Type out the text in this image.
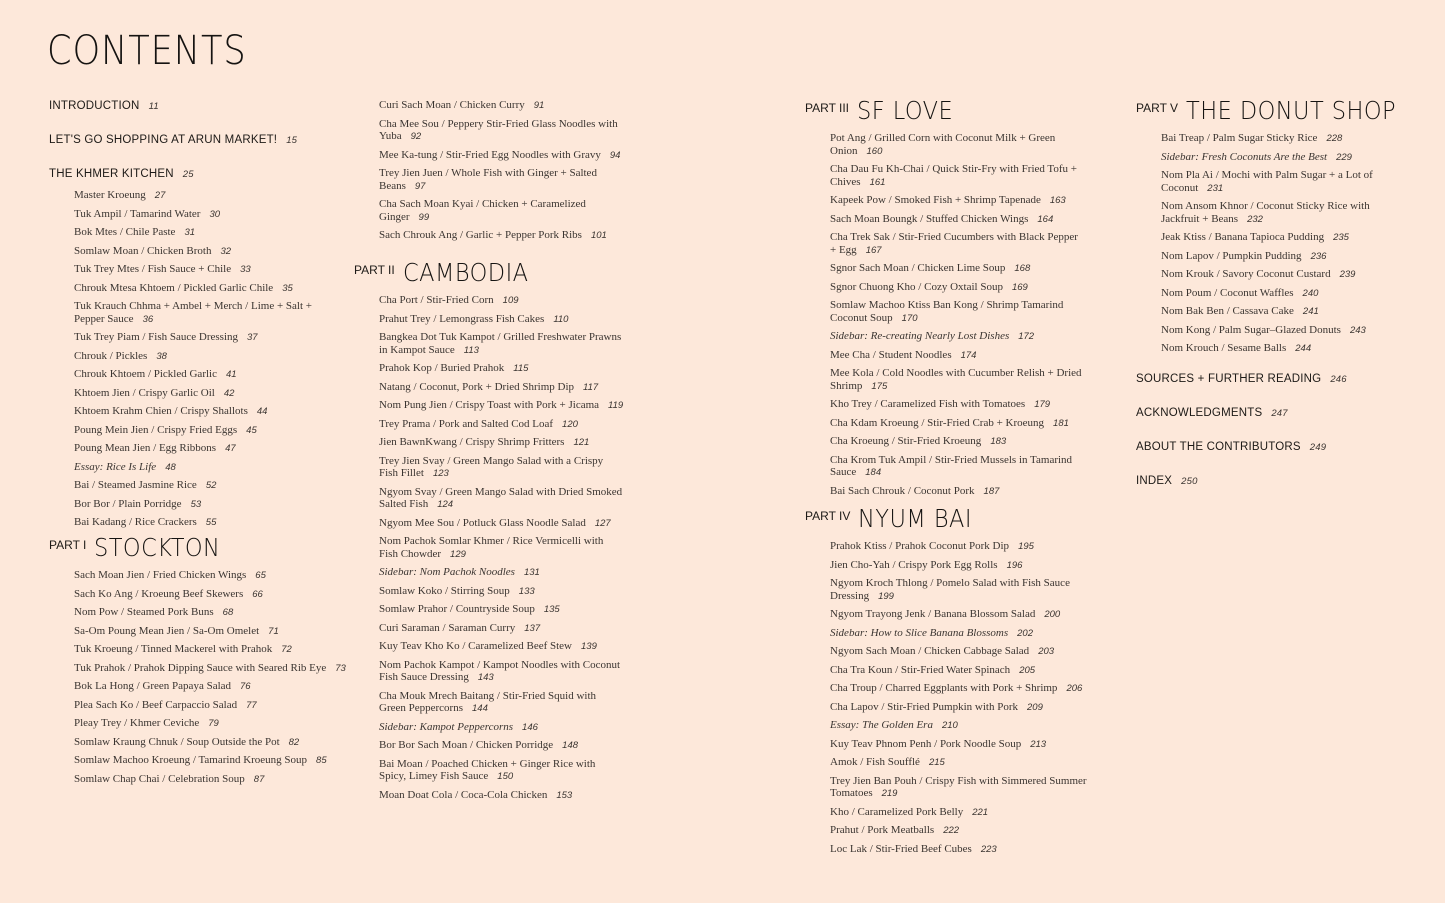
CONTENTS
INTRODUCTION 11
LET'S GO SHOPPING AT ARUN MARKET! 15
THE KHMER KITCHEN 25
Master Kroeung 27
Tuk Ampil / Tamarind Water 30
Bok Mtes / Chile Paste 31
Somlaw Moan / Chicken Broth 32
Tuk Trey Mtes / Fish Sauce + Chile 33
Chrouk Mtesa Khtoem / Pickled Garlic Chile 35
Tuk Krauch Chhma + Ambel + Merch / Lime + Salt + Pepper Sauce 36
Tuk Trey Piam / Fish Sauce Dressing 37
Chrouk / Pickles 38
Chrouk Khtoem / Pickled Garlic 41
Khtoem Jien / Crispy Garlic Oil 42
Khtoem Krahm Chien / Crispy Shallots 44
Poung Mein Jien / Crispy Fried Eggs 45
Poung Mean Jien / Egg Ribbons 47
Essay: Rice Is Life 48
Bai / Steamed Jasmine Rice 52
Bor Bor / Plain Porridge 53
Bai Kadang / Rice Crackers 55
PART I STOCKTON
Sach Moan Jien / Fried Chicken Wings 65
Sach Ko Ang / Kroeung Beef Skewers 66
Nom Pow / Steamed Pork Buns 68
Sa-Om Poung Mean Jien / Sa-Om Omelet 71
Tuk Kroeung / Tinned Mackerel with Prahok 72
Tuk Prahok / Prahok Dipping Sauce with Seared Rib Eye 73
Bok La Hong / Green Papaya Salad 76
Plea Sach Ko / Beef Carpaccio Salad 77
Pleay Trey / Khmer Ceviche 79
Somlaw Kraung Chnuk / Soup Outside the Pot 82
Somlaw Machoo Kroeung / Tamarind Kroeung Soup 85
Somlaw Chap Chai / Celebration Soup 87
Curi Sach Moan / Chicken Curry 91
Cha Mee Sou / Peppery Stir-Fried Glass Noodles with Yuba 92
Mee Ka-tung / Stir-Fried Egg Noodles with Gravy 94
Trey Jien Juen / Whole Fish with Ginger + Salted Beans 97
Cha Sach Moan Kyai / Chicken + Caramelized Ginger 99
Sach Chrouk Ang / Garlic + Pepper Pork Ribs 101
PART II CAMBODIA
Cha Port / Stir-Fried Corn 109
Prahut Trey / Lemongrass Fish Cakes 110
Bangkea Dot Tuk Kampot / Grilled Freshwater Prawns in Kampot Sauce 113
Prahok Kop / Buried Prahok 115
Natang / Coconut, Pork + Dried Shrimp Dip 117
Nom Pung Jien / Crispy Toast with Pork + Jicama 119
Trey Prama / Pork and Salted Cod Loaf 120
Jien BawnKwang / Crispy Shrimp Fritters 121
Trey Jien Svay / Green Mango Salad with a Crispy Fish Fillet 123
Ngyom Svay / Green Mango Salad with Dried Smoked Salted Fish 124
Ngyom Mee Sou / Potluck Glass Noodle Salad 127
Nom Pachok Somlar Khmer / Rice Vermicelli with Fish Chowder 129
Sidebar: Nom Pachok Noodles 131
Somlaw Koko / Stirring Soup 133
Somlaw Prahor / Countryside Soup 135
Curi Saraman / Saraman Curry 137
Kuy Teav Kho Ko / Caramelized Beef Stew 139
Nom Pachok Kampot / Kampot Noodles with Coconut Fish Sauce Dressing 143
Cha Mouk Mrech Baitang / Stir-Fried Squid with Green Peppercorns 144
Sidebar: Kampot Peppercorns 146
Bor Bor Sach Moan / Chicken Porridge 148
Bai Moan / Poached Chicken + Ginger Rice with Spicy, Limey Fish Sauce 150
Moan Doat Cola / Coca-Cola Chicken 153
PART III SF LOVE
Pot Ang / Grilled Corn with Coconut Milk + Green Onion 160
Cha Dau Fu Kh-Chai / Quick Stir-Fry with Fried Tofu + Chives 161
Kapeek Pow / Smoked Fish + Shrimp Tapenade 163
Sach Moan Boungk / Stuffed Chicken Wings 164
Cha Trek Sak / Stir-Fried Cucumbers with Black Pepper + Egg 167
Sgnor Sach Moan / Chicken Lime Soup 168
Sgnor Chuong Kho / Cozy Oxtail Soup 169
Somlaw Machoo Ktiss Ban Kong / Shrimp Tamarind Coconut Soup 170
Sidebar: Re-creating Nearly Lost Dishes 172
Mee Cha / Student Noodles 174
Mee Kola / Cold Noodles with Cucumber Relish + Dried Shrimp 175
Kho Trey / Caramelized Fish with Tomatoes 179
Cha Kdam Kroeung / Stir-Fried Crab + Kroeung 181
Cha Kroeung / Stir-Fried Kroeung 183
Cha Krom Tuk Ampil / Stir-Fried Mussels in Tamarind Sauce 184
Bai Sach Chrouk / Coconut Pork 187
PART IV NYUM BAI
Prahok Ktiss / Prahok Coconut Pork Dip 195
Jien Cho-Yah / Crispy Pork Egg Rolls 196
Ngyom Kroch Thlong / Pomelo Salad with Fish Sauce Dressing 199
Ngyom Trayong Jenk / Banana Blossom Salad 200
Sidebar: How to Slice Banana Blossoms 202
Ngyom Sach Moan / Chicken Cabbage Salad 203
Cha Tra Koun / Stir-Fried Water Spinach 205
Cha Troup / Charred Eggplants with Pork + Shrimp 206
Cha Lapov / Stir-Fried Pumpkin with Pork 209
Essay: The Golden Era 210
Kuy Teav Phnom Penh / Pork Noodle Soup 213
Amok / Fish Soufflé 215
Trey Jien Ban Pouh / Crispy Fish with Simmered Summer Tomatoes 219
Kho / Caramelized Pork Belly 221
Prahut / Pork Meatballs 222
Loc Lak / Stir-Fried Beef Cubes 223
PART V THE DONUT SHOP
Bai Treap / Palm Sugar Sticky Rice 228
Sidebar: Fresh Coconuts Are the Best 229
Nom Pla Ai / Mochi with Palm Sugar + a Lot of Coconut 231
Nom Ansom Khnor / Coconut Sticky Rice with Jackfruit + Beans 232
Jeak Ktiss / Banana Tapioca Pudding 235
Nom Lapov / Pumpkin Pudding 236
Nom Krouk / Savory Coconut Custard 239
Nom Poum / Coconut Waffles 240
Nom Bak Ben / Cassava Cake 241
Nom Kong / Palm Sugar–Glazed Donuts 243
Nom Krouch / Sesame Balls 244
SOURCES + FURTHER READING 246
ACKNOWLEDGMENTS 247
ABOUT THE CONTRIBUTORS 249
INDEX 250
